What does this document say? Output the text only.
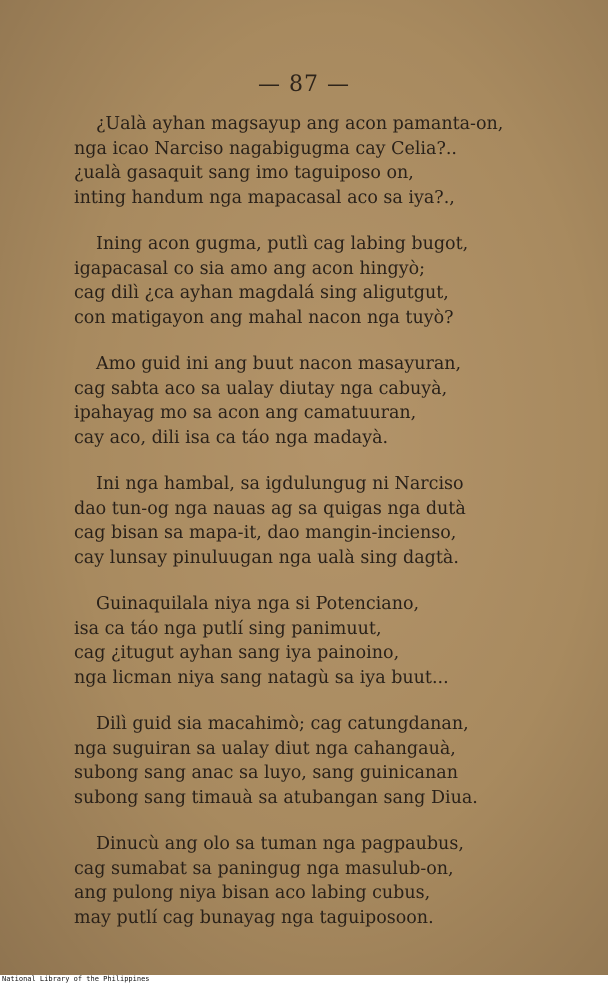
— 87 —
¿Ualà ayhan magsayup ang acon pamanta-on,
nga icao Narciso nagabigugma cay Celia?..
¿ualà gasaquit sang imo taguiposo on,
inting handum nga mapacasal aco sa iya?.,
Ining acon gugma, putlì cag labing bugot,
igapacasal co sia amo ang acon hingyò;
cag dilì ¿ca ayhan magdalá sing aligutgut,
con matigayon ang mahal nacon nga tuyò?
Amo guid ini ang buut nacon masayuran,
cag sabta aco sa ualay diutay nga cabuyà,
ipahayag mo sa acon ang camatuuran,
cay aco, dili isa ca táo nga madayà.
Ini nga hambal, sa igdulungug ni Narciso
dao tun-og nga nauas ag sa quigas nga dutà
cag bisan sa mapa-it, dao mangin-incienso,
cay lunsay pinuluugan nga ualà sing dagtà.
Guinaquilala niya nga si Potenciano,
isa ca táo nga putlí sing panimuut,
cag ¿itugut ayhan sang iya painoino,
nga licman niya sang natagù sa iya buut...
Dilì guid sia macahimò; cag catungdanan,
nga suguiran sa ualay diut nga cahangauà,
subong sang anac sa luyo, sang guinicanan
subong sang timauà sa atubangan sang Diua.
Dinucù ang olo sa tuman nga pagpaubus,
cag sumabat sa paningug nga masulub-on,
ang pulong niya bisan aco labing cubus,
may putlí cag bunayag nga taguiposoon.
National Library of the Philippines
